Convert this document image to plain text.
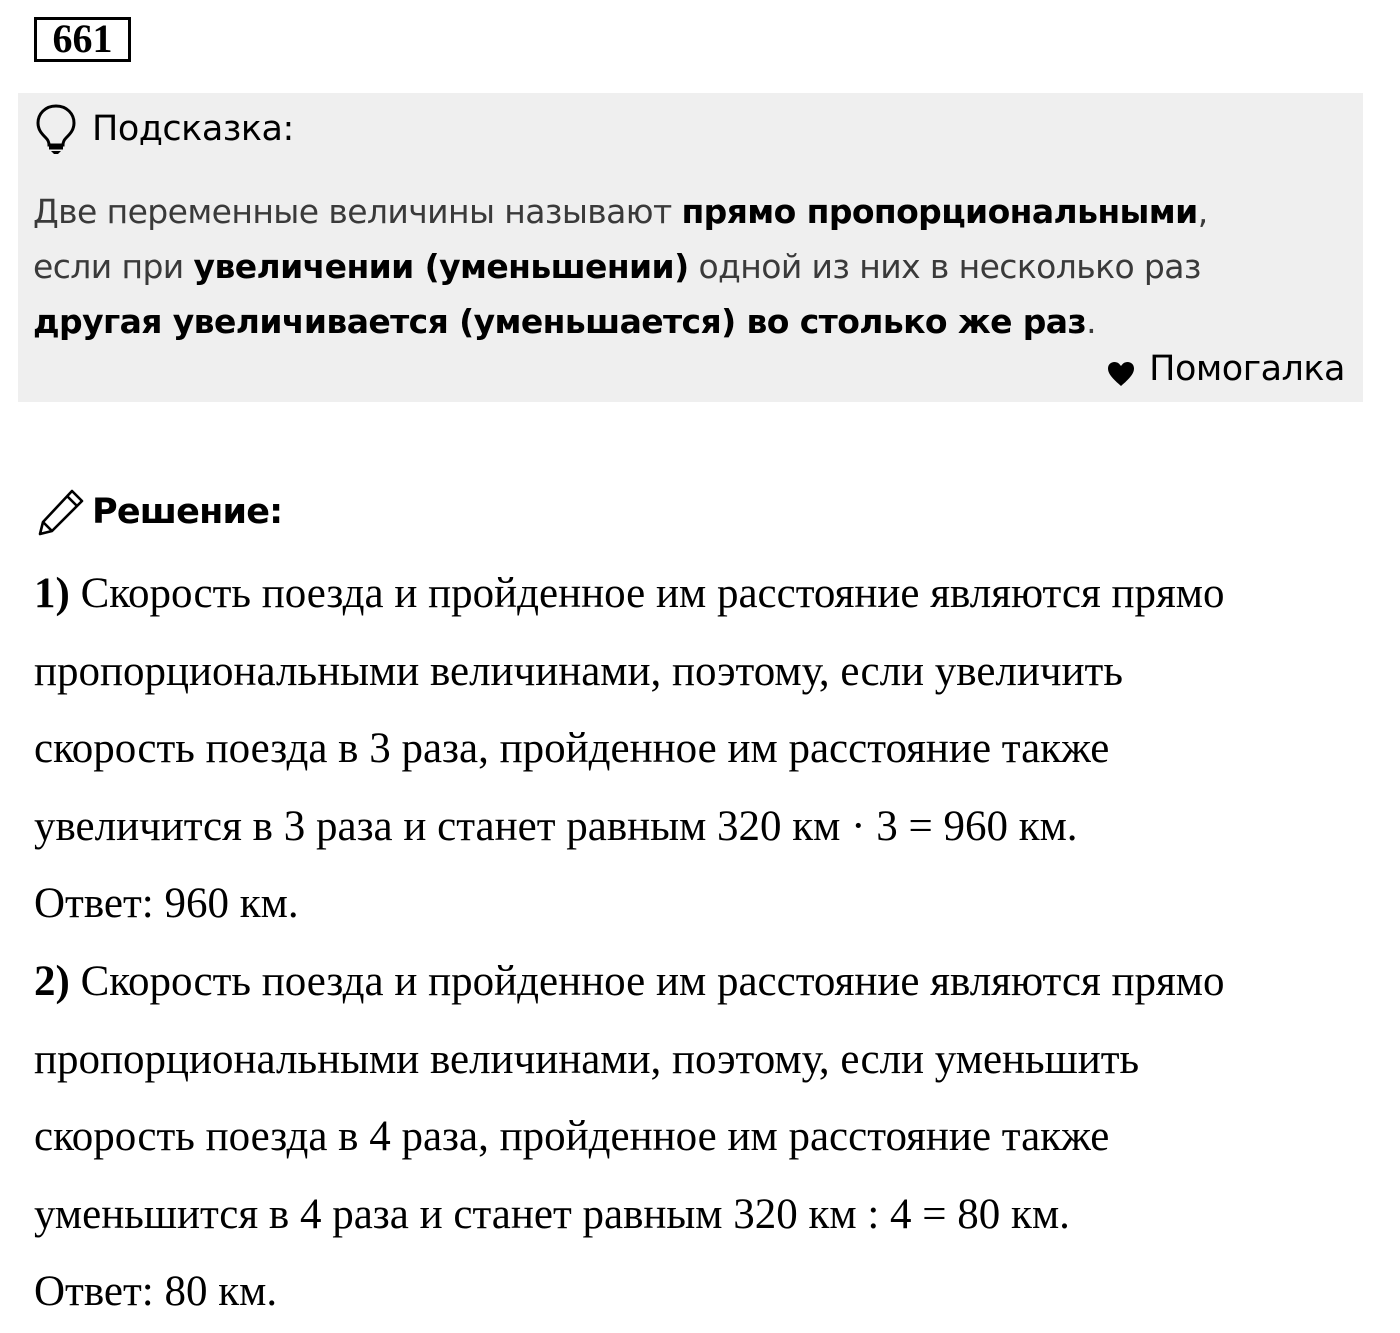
661
Подсказка:
Две переменные величины называют прямо пропорциональными,
если при увеличении (уменьшении) одной из них в несколько раз
другая увеличивается (уменьшается) во столько же раз.
Помогалка
Решение:
1) Скорость поезда и пройденное им расстояние являются прямо
пропорциональными величинами, поэтому, если увеличить
скорость поезда в 3 раза, пройденное им расстояние также
увеличится в 3 раза и станет равным 320 км · 3 = 960 км.
Ответ: 960 км.
2) Скорость поезда и пройденное им расстояние являются прямо
пропорциональными величинами, поэтому, если уменьшить
скорость поезда в 4 раза, пройденное им расстояние также
уменьшится в 4 раза и станет равным 320 км : 4 = 80 км.
Ответ: 80 км.
